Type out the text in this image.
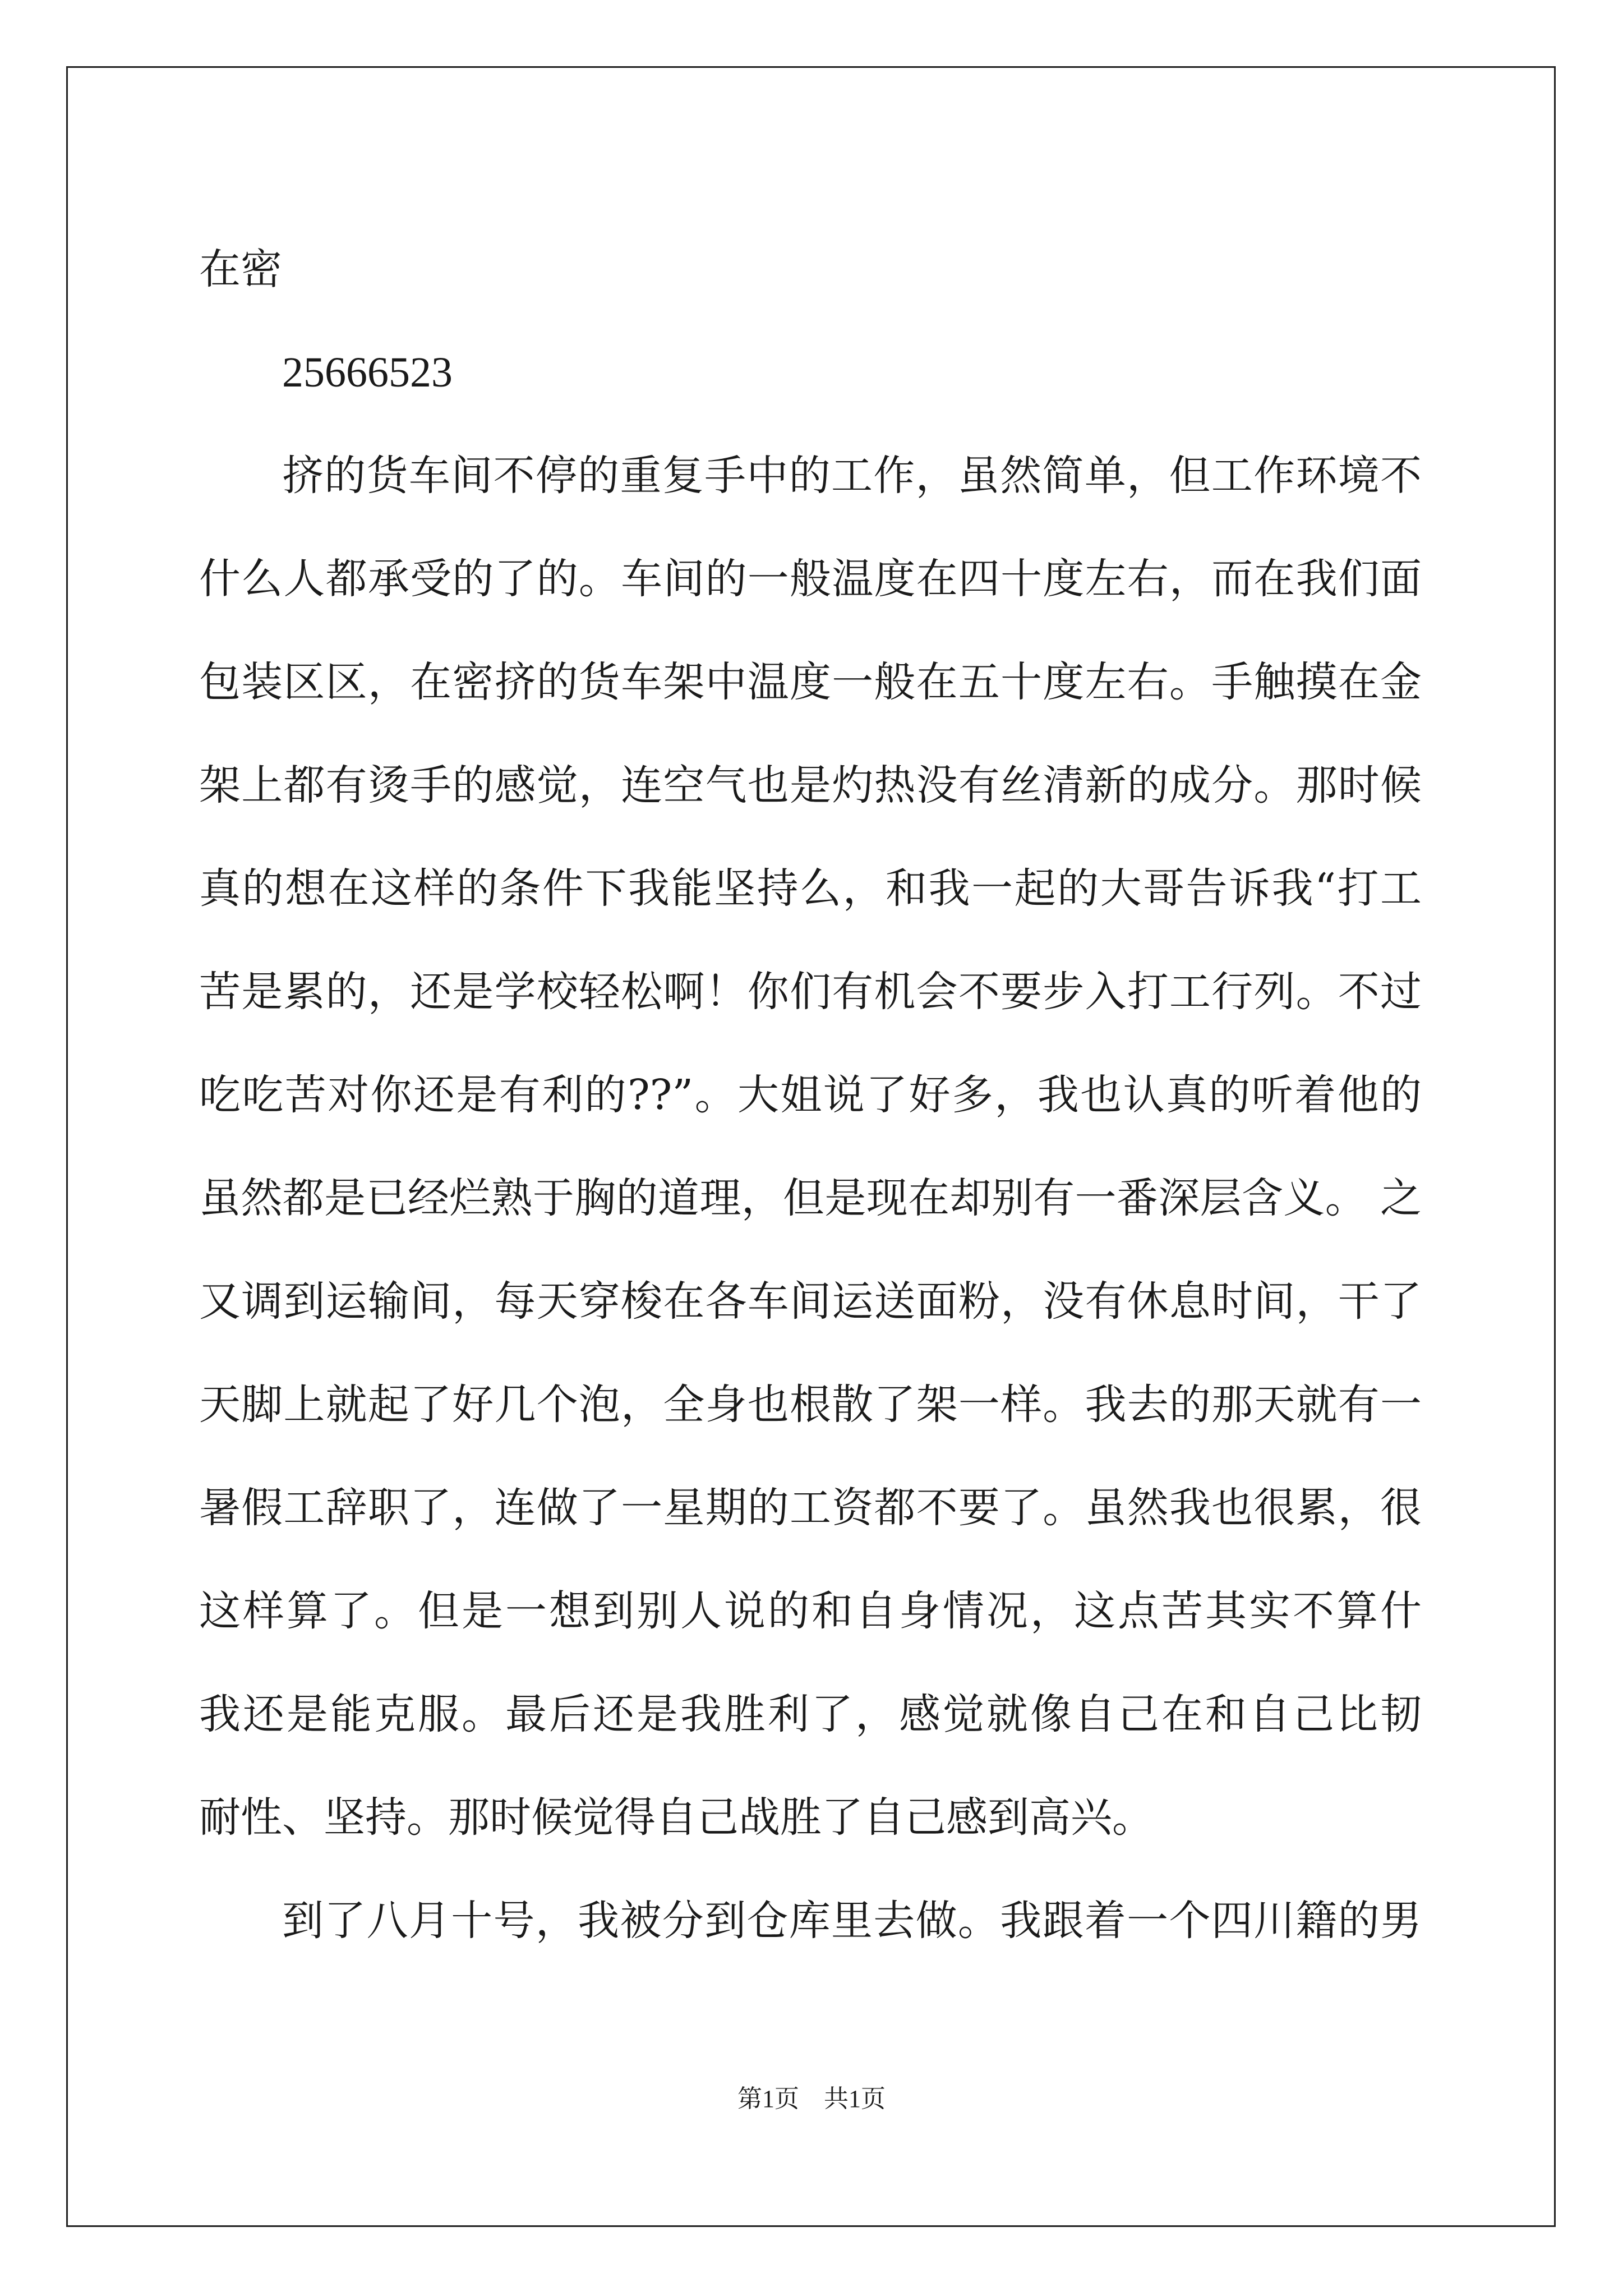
在密
25666523
挤的货车间不停的重复手中的工作，虽然简单，但工作环境不
什么人都承受的了的。车间的一般温度在四十度左右，而在我们面
包装区区，在密挤的货车架中温度一般在五十度左右。手触摸在金
架上都有烫手的感觉，连空气也是灼热没有丝清新的成分。那时候
真的想在这样的条件下我能坚持么，和我一起的大哥告诉我“打工
苦是累的，还是学校轻松啊！你们有机会不要步入打工行列。不过
吃吃苦对你还是有利的??”。大姐说了好多，我也认真的听着他的
虽然都是已经烂熟于胸的道理，但是现在却别有一番深层含义。 之
又调到运输间，每天穿梭在各车间运送面粉，没有休息时间，干了
天脚上就起了好几个泡，全身也根散了架一样。我去的那天就有一
暑假工辞职了，连做了一星期的工资都不要了。虽然我也很累，很
这样算了。但是一想到别人说的和自身情况，这点苦其实不算什
我还是能克服。最后还是我胜利了，感觉就像自己在和自己比韧
耐性、坚持。那时候觉得自己战胜了自己感到高兴。
到了八月十号，我被分到仓库里去做。我跟着一个四川籍的男
第1页　共1页
